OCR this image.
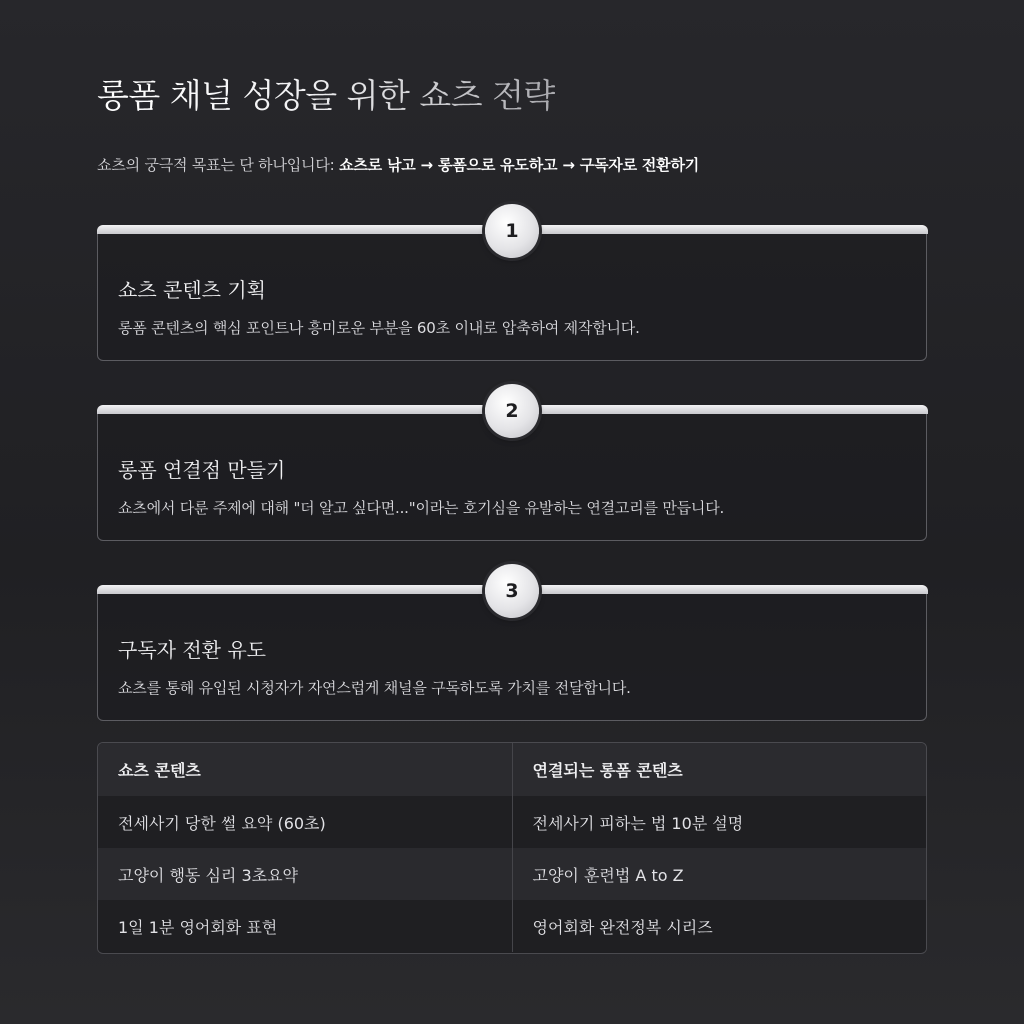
롱폼 채널 성장을 위한 쇼츠 전략

쇼츠의 궁극적 목표는 단 하나입니다: 쇼츠로 낚고 → 롱폼으로 유도하고 → 구독자로 전환하기

1
쇼츠 콘텐츠 기획

롱폼 콘텐츠의 핵심 포인트나 흥미로운 부분을 60초 이내로 압축하여 제작합니다.

2
롱폼 연결점 만들기

쇼츠에서 다룬 주제에 대해 "더 알고 싶다면..."이라는 호기심을 유발하는 연결고리를 만듭니다.

3
구독자 전환 유도

쇼츠를 통해 유입된 시청자가 자연스럽게 채널을 구독하도록 가치를 전달합니다.

쇼츠 콘텐츠	연결되는 롱폼 콘텐츠
전세사기 당한 썰 요약 (60초)	전세사기 피하는 법 10분 설명
고양이 행동 심리 3초요약	고양이 훈련법 A to Z
1일 1분 영어회화 표현	영어회화 완전정복 시리즈
